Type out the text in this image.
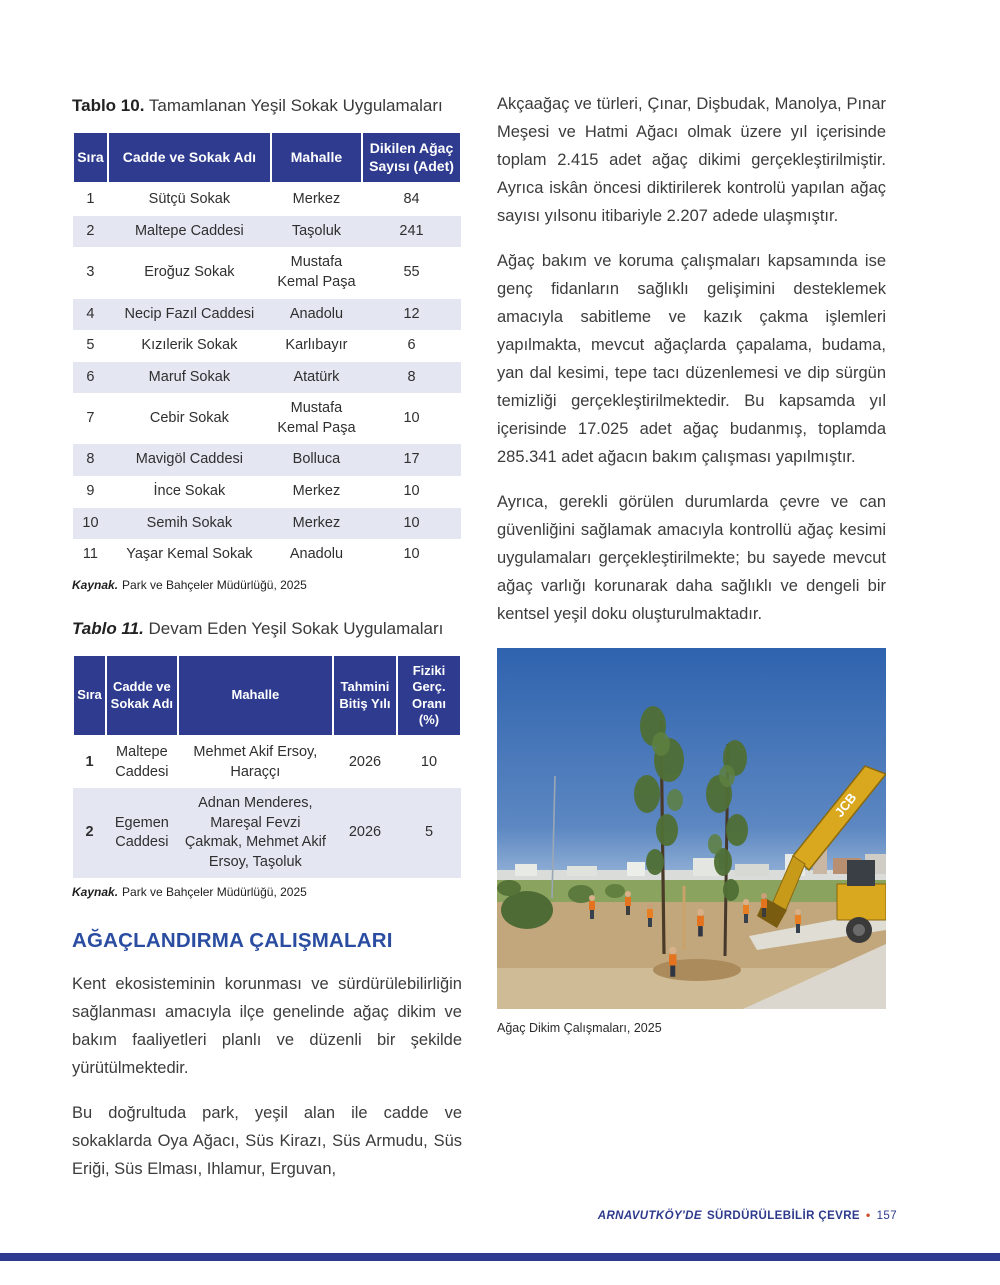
Tablo 10. Tamamlanan Yeşil Sokak Uygulamaları

Sıra	Cadde ve Sokak Adı	Mahalle	Dikilen Ağaç Sayısı (Adet)
1	Sütçü Sokak	Merkez	84
2	Maltepe Caddesi	Taşoluk	241
3	Eroğuz Sokak	Mustafa Kemal Paşa	55
4	Necip Fazıl Caddesi	Anadolu	12
5	Kızılerik Sokak	Karlıbayır	6
6	Maruf Sokak	Atatürk	8
7	Cebir Sokak	Mustafa Kemal Paşa	10
8	Mavigöl Caddesi	Bolluca	17
9	İnce Sokak	Merkez	10
10	Semih Sokak	Merkez	10
11	Yaşar Kemal Sokak	Anadolu	10

Kaynak. Park ve Bahçeler Müdürlüğü, 2025

Tablo 11. Devam Eden Yeşil Sokak Uygulamaları

Sıra	Cadde ve Sokak Adı	Mahalle	Tahmini Bitiş Yılı	Fiziki Gerç. Oranı (%)
1	Maltepe Caddesi	Mehmet Akif Ersoy, Haraççı	2026	10
2	Egemen Caddesi	Adnan Menderes, Mareşal Fevzi Çakmak, Mehmet Akif Ersoy, Taşoluk	2026	5

Kaynak. Park ve Bahçeler Müdürlüğü, 2025

AĞAÇLANDIRMA ÇALIŞMALARI

Kent ekosisteminin korunması ve sürdürülebilirliğin sağlanması amacıyla ilçe genelinde ağaç dikim ve bakım faaliyetleri planlı ve düzenli bir şekilde yürütülmektedir.

Bu doğrultuda park, yeşil alan ile cadde ve sokaklarda Oya Ağacı, Süs Kirazı, Süs Armudu, Süs Eriği, Süs Elması, Ihlamur, Erguvan,

Akçaağaç ve türleri, Çınar, Dişbudak, Manolya, Pınar Meşesi ve Hatmi Ağacı olmak üzere yıl içerisinde toplam 2.415 adet ağaç dikimi gerçekleştirilmiştir. Ayrıca iskân öncesi diktirilerek kontrolü yapılan ağaç sayısı yılsonu itibariyle 2.207 adede ulaşmıştır.

Ağaç bakım ve koruma çalışmaları kapsamında ise genç fidanların sağlıklı gelişimini desteklemek amacıyla sabitleme ve kazık çakma işlemleri yapılmakta, mevcut ağaçlarda çapalama, budama, yan dal kesimi, tepe tacı düzenlemesi ve dip sürgün temizliği gerçekleştirilmektedir. Bu kapsamda yıl içerisinde 17.025 adet ağaç budanmış, toplamda 285.341 adet ağacın bakım çalışması yapılmıştır.

Ayrıca, gerekli görülen durumlarda çevre ve can güvenliğini sağlamak amacıyla kontrollü ağaç kesimi uygulamaları gerçekleştirilmekte; bu sayede mevcut ağaç varlığı korunarak daha sağlıklı ve dengeli bir kentsel yeşil doku oluşturulmaktadır.

JCB

Ağaç Dikim Çalışmaları, 2025

ARNAVUTKÖY'DE SÜRDÜRÜLEBİLİR ÇEVRE • 157
